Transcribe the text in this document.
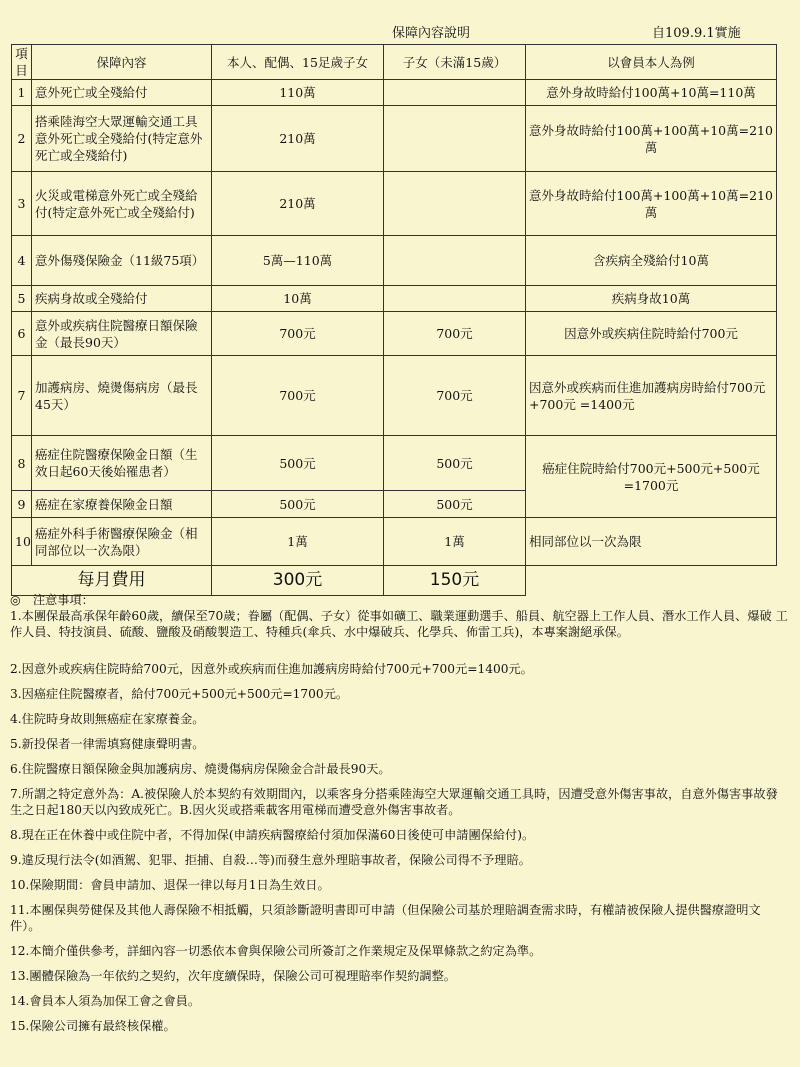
保障內容說明	自109.9.1實施
項目	保障內容	本人、配偶、15足歲子女	子女（未滿15歲）	以會員本人為例
1	意外死亡或全殘給付	110萬		意外身故時給付100萬+10萬=110萬
2	搭乘陸海空大眾運輸交通工具意外死亡或全殘給付(特定意外死亡或全殘給付)	210萬		意外身故時給付100萬+100萬+10萬=210萬
3	火災或電梯意外死亡或全殘給付(特定意外死亡或全殘給付)	210萬		意外身故時給付100萬+100萬+10萬=210萬
4	意外傷殘保險金（11級75項）	5萬—110萬		含疾病全殘給付10萬
5	疾病身故或全殘給付	10萬		疾病身故10萬
6	意外或疾病住院醫療日額保險金（最長90天）	700元	700元	因意外或疾病住院時給付700元
7	加護病房、燒燙傷病房（最長45天）	700元	700元	因意外或疾病而住進加護病房時給付700元+700元 =1400元
8	癌症住院醫療保險金日額（生效日起60天後始罹患者）	500元	500元	癌症住院時給付700元+500元+500元=1700元
9	癌症在家療養保險金日額	500元	500元	
10	癌症外科手術醫療保險金（相同部位以一次為限）	1萬	1萬	相同部位以一次為限
每月費用		300元	150元	

◎　注意事項：

1.本團保最高承保年齡60歲，續保至70歲；眷屬（配偶、子女）從事如礦工、職業運動選手、船員、航空器上工作人員、潛水工作人員、爆破 工作人員、特技演員、硫酸、鹽酸及硝酸製造工、特種兵(傘兵、水中爆破兵、化學兵、佈雷工兵)，本專案謝絕承保。

2.因意外或疾病住院時給700元，因意外或疾病而住進加護病房時給付700元+700元=1400元。

3.因癌症住院醫療者，給付700元+500元+500元=1700元。

4.住院時身故則無癌症在家療養金。

5.新投保者一律需填寫健康聲明書。

6.住院醫療日額保險金與加護病房、燒燙傷病房保險金合計最長90天。

7.所謂之特定意外為：A.被保險人於本契約有效期間內，以乘客身分搭乘陸海空大眾運輸交通工具時，因遭受意外傷害事故，自意外傷害事故發生之日起180天以內致成死亡。B.因火災或搭乘載客用電梯而遭受意外傷害事故者。

8.現在正在休養中或住院中者，不得加保(申請疾病醫療給付須加保滿60日後使可申請團保給付)。

9.違反現行法令(如酒駕、犯罪、拒捕、自殺…等)而發生意外理賠事故者，保險公司得不予理賠。

10.保險期間：會員申請加、退保一律以每月1日為生效日。

11.本團保與勞健保及其他人壽保險不相抵觸，只須診斷證明書即可申請（但保險公司基於理賠調查需求時，有權請被保險人提供醫療證明文件）。

12.本簡介僅供參考，詳細內容一切悉依本會與保險公司所簽訂之作業規定及保單條款之約定為準。

13.團體保險為一年依約之契約，次年度續保時，保險公司可視理賠率作契約調整。

14.會員本人須為加保工會之會員。

15.保險公司擁有最終核保權。
